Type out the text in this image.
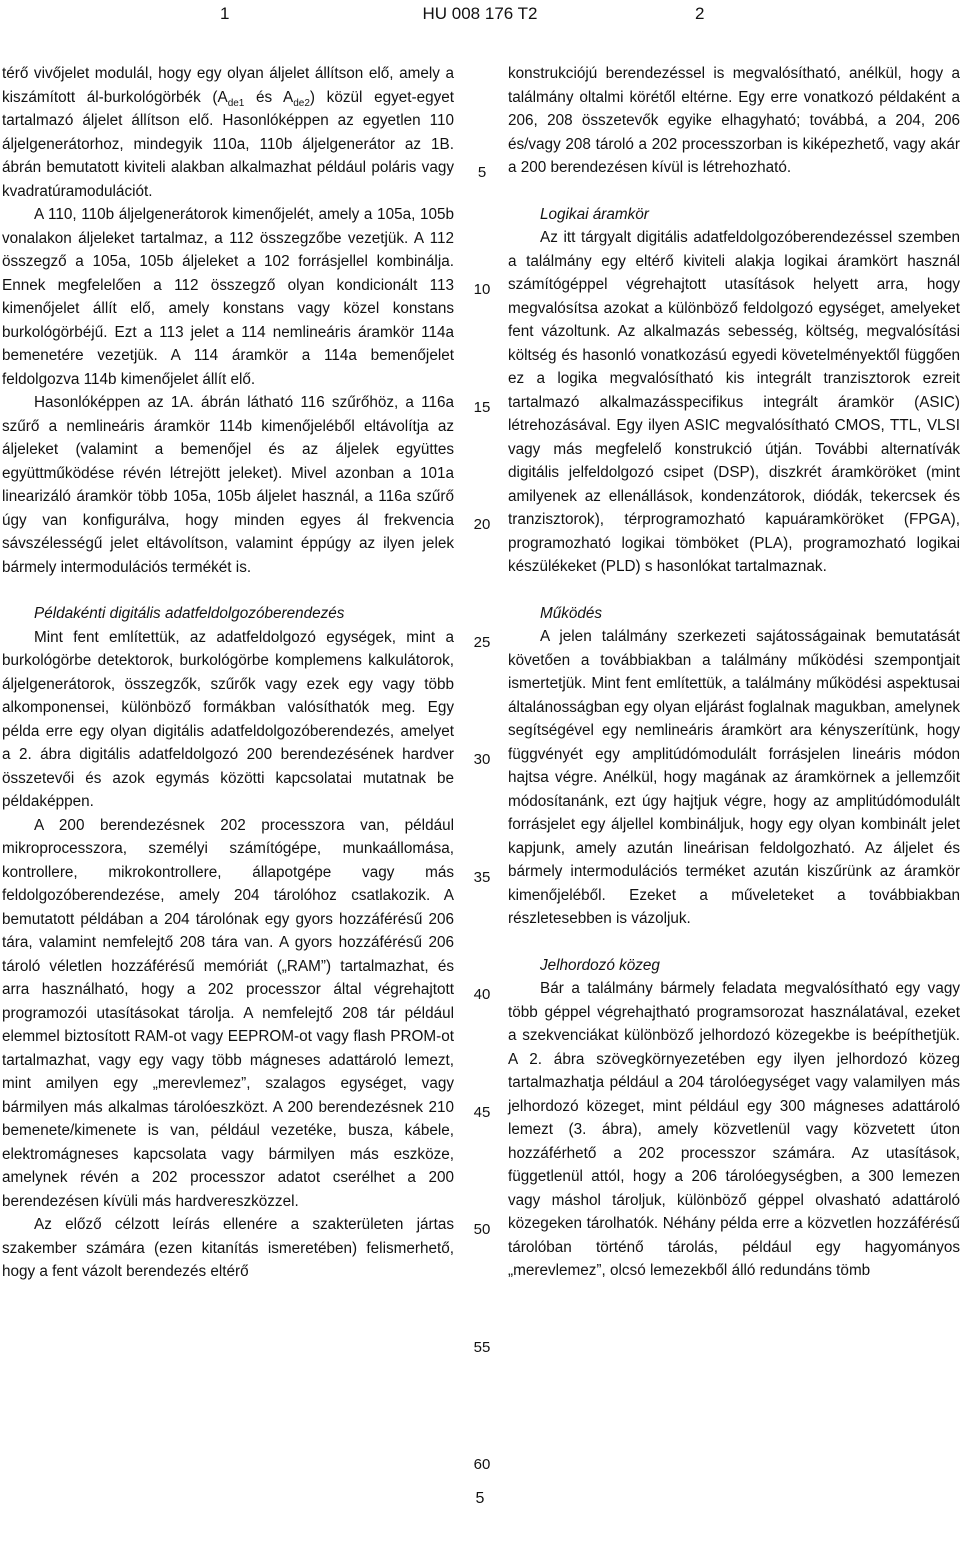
1	HU 008 176 T2	2

térő vivőjelet modulál, hogy egy olyan áljelet állítson elő, amely a kiszámított ál-burkológörbék ($A_{de1}$ és $A_{de2}$) közül egyet-egyet tartalmazó áljelet állítson elő. Hasonlóképpen az egyetlen 110 áljelgenerátorhoz, mindegyik 110a, 110b áljelgenerátor az 1B. ábrán bemutatott kiviteli alakban alkalmazhat például poláris vagy kvadratúramodulációt.

A 110, 110b áljelgenerátorok kimenőjelét, amely a 105a, 105b vonalakon áljeleket tartalmaz, a 112 összegzőbe vezetjük. A 112 összegző a 105a, 105b áljeleket a 102 forrásjellel kombinálja. Ennek megfelelően a 112 összegző olyan kondicionált 113 kimenőjelet állít elő, amely konstans vagy közel konstans burkológörbéjű. Ezt a 113 jelet a 114 nemlineáris áramkör 114a bemenetére vezetjük. A 114 áramkör a 114a bemenőjelet feldolgozva 114b kimenőjelet állít elő.

Hasonlóképpen az 1A. ábrán látható 116 szűrőhöz, a 116a szűrő a nemlineáris áramkör 114b kimenőjeléből eltávolítja az áljeleket (valamint a bemenőjel és az áljelek együttes együttműködése révén létrejött jeleket). Mivel azonban a 101a linearizáló áramkör több 105a, 105b áljelet használ, a 116a szűrő úgy van konfigurálva, hogy minden egyes ál frekvencia sávszélességű jelet eltávolítson, valamint éppúgy az ilyen jelek bármely intermodulációs termékét is.

Példakénti digitális adatfeldolgozóberendezés

Mint fent említettük, az adatfeldolgozó egységek, mint a burkológörbe detektorok, burkológörbe komplemens kalkulátorok, áljelgenerátorok, összegzők, szűrők vagy ezek egy vagy több alkomponensei, különböző formákban valósíthatók meg. Egy példa erre egy olyan digitális adatfeldolgozóberendezés, amelyet a 2. ábra digitális adatfeldolgozó 200 berendezésének hardver összetevői és azok egymás közötti kapcsolatai mutatnak be példaképpen.

A 200 berendezésnek 202 processzora van, például mikroprocesszora, személyi számítógépe, munkaállomása, kontrollere, mikrokontrollere, állapotgépe vagy más feldolgozóberendezése, amely 204 tárolóhoz csatlakozik. A bemutatott példában a 204 tárolónak egy gyors hozzáférésű 206 tára, valamint nemfelejtő 208 tára van. A gyors hozzáférésű 206 tároló véletlen hozzáférésű memóriát („RAM”) tartalmazhat, és arra használható, hogy a 202 processzor által végrehajtott programozói utasításokat tárolja. A nemfelejtő 208 tár például elemmel biztosított RAM-ot vagy EEPROM-ot vagy flash PROM-ot tartalmazhat, vagy egy vagy több mágneses adattároló lemezt, mint amilyen egy „merevlemez”, szalagos egységet, vagy bármilyen más alkalmas tárolóeszközt. A 200 berendezésnek 210 bemenete/kimenete is van, például vezetéke, busza, kábele, elektromágneses kapcsolata vagy bármilyen más eszköze, amelynek révén a 202 processzor adatot cserélhet a 200 berendezésen kívüli más hardvereszközzel.

Az előző célzott leírás ellenére a szakterületen jártas szakember számára (ezen kitanítás ismeretében) felismerhető, hogy a fent vázolt berendezés eltérő

konstrukciójú berendezéssel is megvalósítható, anélkül, hogy a találmány oltalmi körétől eltérne. Egy erre vonatkozó példaként a 206, 208 összetevők egyike elhagyható; továbbá, a 204, 206 és/vagy 208 tároló a 202 processzorban is kiképezhető, vagy akár a 200 berendezésen kívül is létrehozható.

Logikai áramkör

Az itt tárgyalt digitális adatfeldolgozóberendezéssel szemben a találmány egy eltérő kiviteli alakja logikai áramkört használ számítógéppel végrehajtott utasítások helyett arra, hogy megvalósítsa azokat a különböző feldolgozó egységet, amelyeket fent vázoltunk. Az alkalmazás sebesség, költség, megvalósítási költség és hasonló vonatkozású egyedi követelményektől függően ez a logika megvalósítható kis integrált tranzisztorok ezreit tartalmazó alkalmazásspecifikus integrált áramkör (ASIC) létrehozásával. Egy ilyen ASIC megvalósítható CMOS, TTL, VLSI vagy más megfelelő konstrukció útján. További alternatívák digitális jelfeldolgozó csipet (DSP), diszkrét áramköröket (mint amilyenek az ellenállások, kondenzátorok, diódák, tekercsek és tranzisztorok), térprogramozható kapuáramköröket (FPGA), programozható logikai tömböket (PLA), programozható logikai készülékeket (PLD) s hasonlókat tartalmaznak.

Működés

A jelen találmány szerkezeti sajátosságainak bemutatását követően a továbbiakban a találmány működési szempontjait ismertetjük. Mint fent említettük, a találmány működési aspektusai általánosságban egy olyan eljárást foglalnak magukban, amelynek segítségével egy nemlineáris áramkört ara kényszerítünk, hogy függvényét egy amplitúdómodulált forrásjelen lineáris módon hajtsa végre. Anélkül, hogy magának az áramkörnek a jellemzőit módosítanánk, ezt úgy hajtjuk végre, hogy az amplitúdómodulált forrásjelet egy áljellel kombináljuk, hogy egy olyan kombinált jelet kapjunk, amely azután lineárisan feldolgozható. Az áljelet és bármely intermodulációs terméket azután kiszűrünk az áramkör kimenőjeléből. Ezeket a műveleteket a továbbiakban részletesebben is vázoljuk.

Jelhordozó közeg

Bár a találmány bármely feladata megvalósítható egy vagy több géppel végrehajtható programsorozat használatával, ezeket a szekvenciákat különböző jelhordozó közegekbe is beépíthetjük. A 2. ábra szövegkörnyezetében egy ilyen jelhordozó közeg tartalmazhatja például a 204 tárolóegységet vagy valamilyen más jelhordozó közeget, mint például egy 300 mágneses adattároló lemezt (3. ábra), amely közvetlenül vagy közvetett úton hozzáférhető a 202 processzor számára. Az utasítások, függetlenül attól, hogy a 206 tárolóegységben, a 300 lemezen vagy máshol tároljuk, különböző géppel olvasható adattároló közegeken tárolhatók. Néhány példa erre a közvetlen hozzáférésű tárolóban történő tárolás, például egy hagyományos „merevlemez”, olcsó lemezekből álló redundáns tömb

5
10
15
20
25
30
35
40
45
50
55
60
5
